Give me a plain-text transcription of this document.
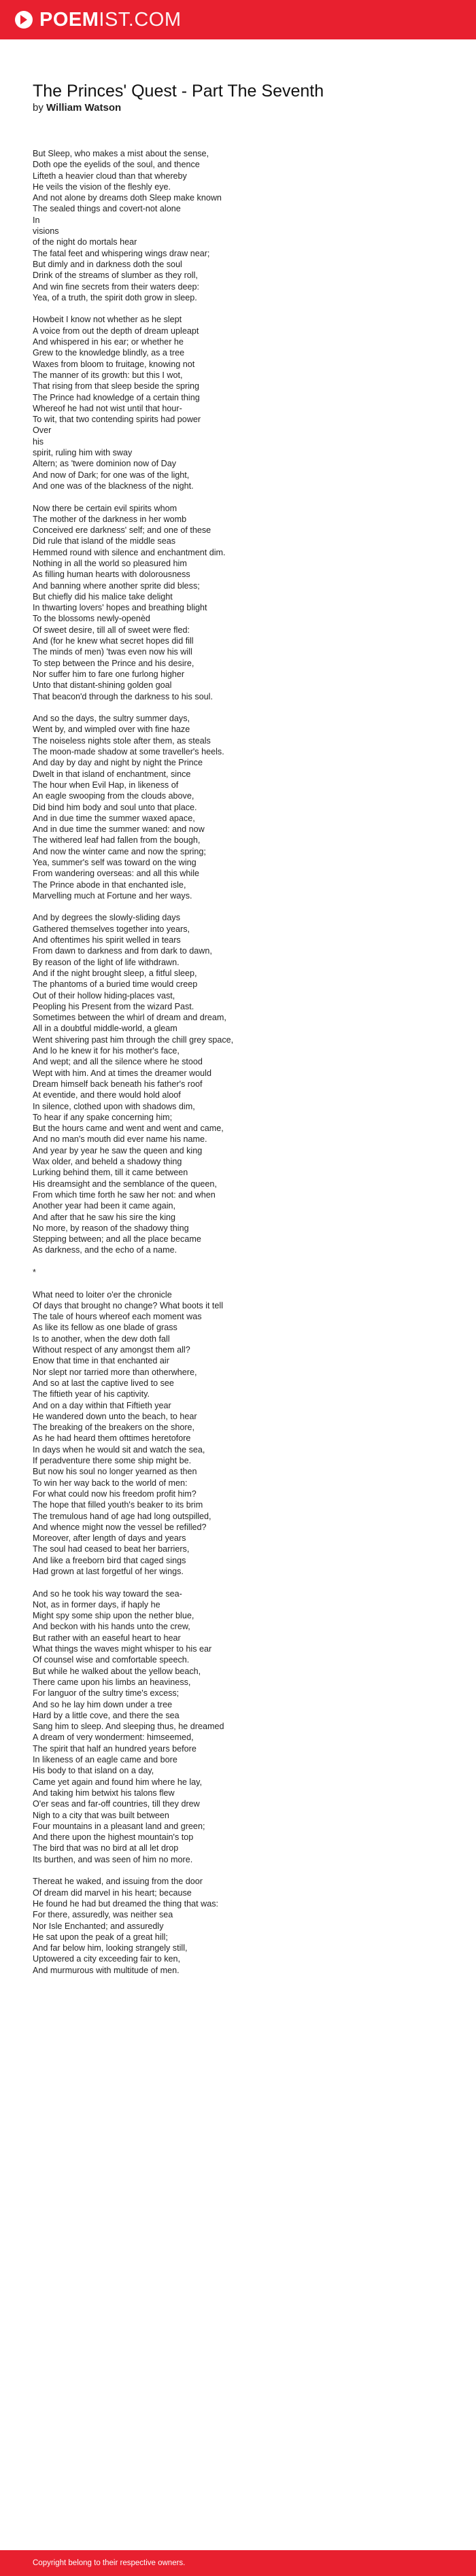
POEMIST.COM
The Princes' Quest - Part The Seventh
by William Watson
But Sleep, who makes a mist about the sense,
Doth ope the eyelids of the soul, and thence
Lifteth a heavier cloud than that whereby
He veils the vision of the fleshly eye.
And not alone by dreams doth Sleep make known
The sealed things and covert-not alone
In
visions
of the night do mortals hear
The fatal feet and whispering wings draw near;
But dimly and in darkness doth the soul
Drink of the streams of slumber as they roll,
And win fine secrets from their waters deep:
Yea, of a truth, the spirit doth grow in sleep.
Howbeit I know not whether as he slept
A voice from out the depth of dream upleapt
And whispered in his ear; or whether he
Grew to the knowledge blindly, as a tree
Waxes from bloom to fruitage, knowing not
The manner of its growth: but this I wot,
That rising from that sleep beside the spring
The Prince had knowledge of a certain thing
Whereof he had not wist until that hour-
To wit, that two contending spirits had power
Over
his
spirit, ruling him with sway
Altern; as 'twere dominion now of Day
And now of Dark; for one was of the light,
And one was of the blackness of the night.
Now there be certain evil spirits whom
The mother of the darkness in her womb
Conceived ere darkness' self; and one of these
Did rule that island of the middle seas
Hemmed round with silence and enchantment dim.
Nothing in all the world so pleasured him
As filling human hearts with dolorousness
And banning where another sprite did bless;
But chiefly did his malice take delight
In thwarting lovers' hopes and breathing blight
To the blossoms newly-openèd
Of sweet desire, till all of sweet were fled:
And (for he knew what secret hopes did fill
The minds of men) 'twas even now his will
To step between the Prince and his desire,
Nor suffer him to fare one furlong higher
Unto that distant-shining golden goal
That beacon'd through the darkness to his soul.
And so the days, the sultry summer days,
Went by, and wimpled over with fine haze
The noiseless nights stole after them, as steals
The moon-made shadow at some traveller's heels.
And day by day and night by night the Prince
Dwelt in that island of enchantment, since
The hour when Evil Hap, in likeness of
An eagle swooping from the clouds above,
Did bind him body and soul unto that place.
And in due time the summer waxed apace,
And in due time the summer waned: and now
The withered leaf had fallen from the bough,
And now the winter came and now the spring;
Yea, summer's self was toward on the wing
From wandering overseas: and all this while
The Prince abode in that enchanted isle,
Marvelling much at Fortune and her ways.
And by degrees the slowly-sliding days
Gathered themselves together into years,
And oftentimes his spirit welled in tears
From dawn to darkness and from dark to dawn,
By reason of the light of life withdrawn.
And if the night brought sleep, a fitful sleep,
The phantoms of a buried time would creep
Out of their hollow hiding-places vast,
Peopling his Present from the wizard Past.
Sometimes between the whirl of dream and dream,
All in a doubtful middle-world, a gleam
Went shivering past him through the chill grey space,
And lo he knew it for his mother's face,
And wept; and all the silence where he stood
Wept with him. And at times the dreamer would
Dream himself back beneath his father's roof
At eventide, and there would hold aloof
In silence, clothed upon with shadows dim,
To hear if any spake concerning him;
But the hours came and went and went and came,
And no man's mouth did ever name his name.
And year by year he saw the queen and king
Wax older, and beheld a shadowy thing
Lurking behind them, till it came between
His dreamsight and the semblance of the queen,
From which time forth he saw her not: and when
Another year had been it came again,
And after that he saw his sire the king
No more, by reason of the shadowy thing
Stepping between; and all the place became
As darkness, and the echo of a name.
*
What need to loiter o'er the chronicle
Of days that brought no change? What boots it tell
The tale of hours whereof each moment was
As like its fellow as one blade of grass
Is to another, when the dew doth fall
Without respect of any amongst them all?
Enow that time in that enchanted air
Nor slept nor tarried more than otherwhere,
And so at last the captive lived to see
The fiftieth year of his captivity.
And on a day within that Fiftieth year
He wandered down unto the beach, to hear
The breaking of the breakers on the shore,
As he had heard them ofttimes heretofore
In days when he would sit and watch the sea,
If peradventure there some ship might be.
But now his soul no longer yearned as then
To win her way back to the world of men:
For what could now his freedom profit him?
The hope that filled youth's beaker to its brim
The tremulous hand of age had long outspilled,
And whence might now the vessel be refilled?
Moreover, after length of days and years
The soul had ceased to beat her barriers,
And like a freeborn bird that caged sings
Had grown at last forgetful of her wings.
And so he took his way toward the sea-
Not, as in former days, if haply he
Might spy some ship upon the nether blue,
And beckon with his hands unto the crew,
But rather with an easeful heart to hear
What things the waves might whisper to his ear
Of counsel wise and comfortable speech.
But while he walked about the yellow beach,
There came upon his limbs an heaviness,
For languor of the sultry time's excess;
And so he lay him down under a tree
Hard by a little cove, and there the sea
Sang him to sleep. And sleeping thus, he dreamed
A dream of very wonderment: himseemed,
The spirit that half an hundred years before
In likeness of an eagle came and bore
His body to that island on a day,
Came yet again and found him where he lay,
And taking him betwixt his talons flew
O'er seas and far-off countries, till they drew
Nigh to a city that was built between
Four mountains in a pleasant land and green;
And there upon the highest mountain's top
The bird that was no bird at all let drop
Its burthen, and was seen of him no more.
Thereat he waked, and issuing from the door
Of dream did marvel in his heart; because
He found he had but dreamed the thing that was:
For there, assuredly, was neither sea
Nor Isle Enchanted; and assuredly
He sat upon the peak of a great hill;
And far below him, looking strangely still,
Uptowered a city exceeding fair to ken,
And murmurous with multitude of men.
Copyright belong to their respective owners.
